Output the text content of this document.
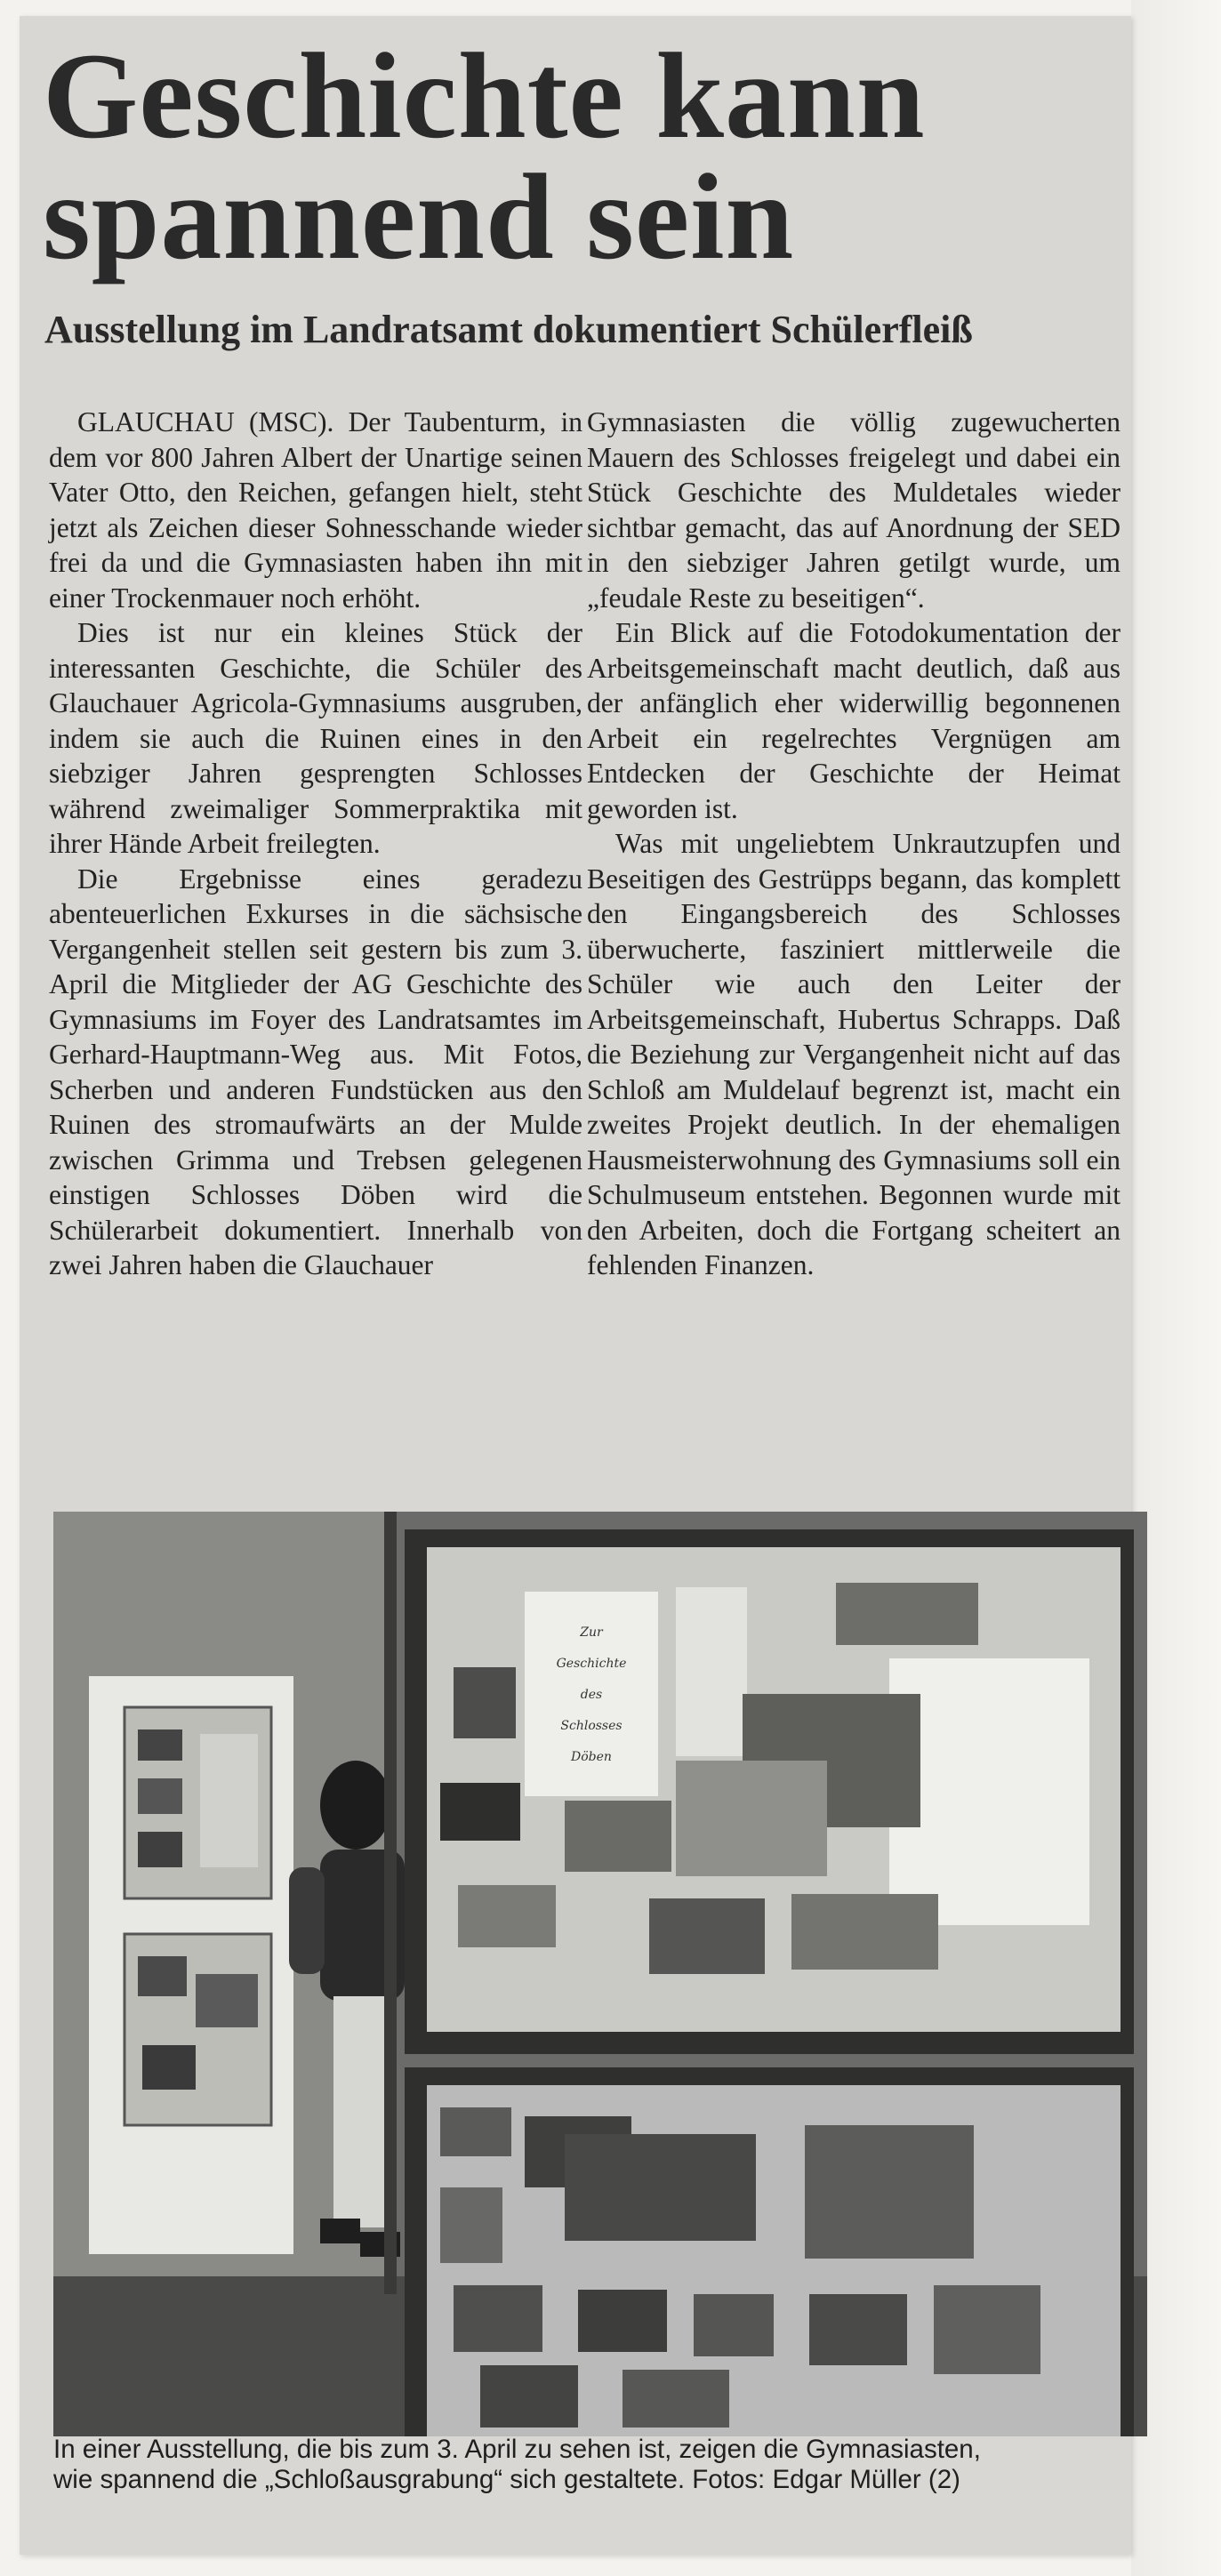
Geschichte kann
spannend sein
Ausstellung im Landratsamt dokumentiert Schülerfleiß

GLAUCHAU (MSC). Der Taubenturm, in dem vor 800 Jahren Albert der Unartige seinen Vater Otto, den Reichen, gefangen hielt, steht jetzt als Zeichen dieser Sohnesschande wieder frei da und die Gymnasiasten haben ihn mit einer Trockenmauer noch erhöht.

Dies ist nur ein kleines Stück der interessanten Geschichte, die Schüler des Glauchauer Agricola-Gymnasiums ausgruben, indem sie auch die Ruinen eines in den siebziger Jahren gesprengten Schlosses während zweimaliger Sommerpraktika mit ihrer Hände Arbeit freilegten.

Die Ergebnisse eines geradezu abenteuerlichen Exkurses in die sächsische Vergangenheit stellen seit gestern bis zum 3. April die Mitglieder der AG Geschichte des Gymnasiums im Foyer des Landratsamtes im Gerhard-Hauptmann-Weg aus. Mit Fotos, Scherben und anderen Fundstücken aus den Ruinen des stromaufwärts an der Mulde zwischen Grimma und Trebsen gelegenen einstigen Schlosses Döben wird die Schülerarbeit dokumentiert. Innerhalb von zwei Jahren haben die Glauchauer

Gymnasiasten die völlig zugewucherten Mauern des Schlosses freigelegt und dabei ein Stück Geschichte des Muldetales wieder sichtbar gemacht, das auf Anordnung der SED in den siebziger Jahren getilgt wurde, um „feudale Reste zu beseitigen“.

Ein Blick auf die Fotodokumentation der Arbeitsgemeinschaft macht deutlich, daß aus der anfänglich eher widerwillig begonnenen Arbeit ein regelrechtes Vergnügen am Entdecken der Geschichte der Heimat geworden ist.

Was mit ungeliebtem Unkrautzupfen und Beseitigen des Gestrüpps begann, das komplett den Eingangsbereich des Schlosses überwucherte, fasziniert mittlerweile die Schüler wie auch den Leiter der Arbeitsgemeinschaft, Hubertus Schrapps. Daß die Beziehung zur Vergangenheit nicht auf das Schloß am Muldelauf begrenzt ist, macht ein zweites Projekt deutlich. In der ehemaligen Hausmeisterwohnung des Gymnasiums soll ein Schulmuseum entstehen. Begonnen wurde mit den Arbeiten, doch die Fortgang scheitert an fehlenden Finanzen.

Zur
Geschichte
des
Schlosses
Döben
In einer Ausstellung, die bis zum 3. April zu sehen ist, zeigen die Gymnasiasten,
wie spannend die „Schloßausgrabung“ sich gestaltete. Fotos: Edgar Müller (2)
